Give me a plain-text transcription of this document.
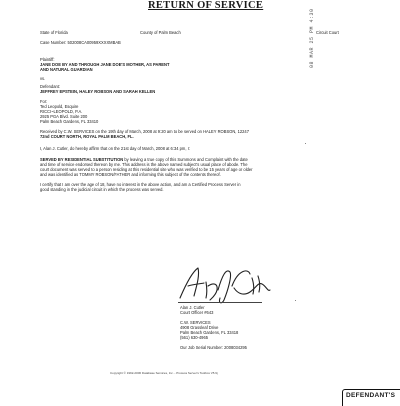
RETURN OF SERVICE
State of Florida	County of Palm Beach	Circuit Court
Case Number: 502008CA00959XXXXMBAB
Plaintiff:
JANE DOE BY AND THROUGH JANE DOE'S MOTHER, AS PARENT
AND NATURAL GUARDIAN
vs.
Defendant:
JEFFREY EPSTEIN, HALEY ROBSON AND SARAH KELLEN
For:
Ted Leopold, Esquire
RICCI~LEOPOLD, P.A.
2925 PGA Blvd. Suite 200
Palm Beach Gardens, FL 33410
08 MAR 25 PM 4:30
Received by C.W. SERVICES on the 19th day of March, 2008 at 9:20 am to be served on HALEY ROBSON, 12247
72nd COURT NORTH, ROYAL PALM BEACH, FL.
I, Alan J. Cutler, do hereby affirm that on the 21st day of March, 2008 at 6:34 pm, I:
SERVED BY RESIDENTIAL SUBSTITUTION by leaving a true copy of this Summons and Complaint with the date
and time of service endorsed thereon by me. This address is the above named subject's usual place of abode. The
court document was served to a person residing at this residential site who was verified to be 15 years of age or older
and was identified as TOMMY ROBSON/FATHER and informing this subject of the contents thereof.
I certify that I am over the age of 18, have no interest in the above action, and am a Certified Process Server in
good standing in the judicial circuit in which the process was served.
Alan J. Cutler
Court Officer #643
C.W. SERVICES
4908 Grassleaf Drive
Palm Beach Gardens, FL 33418
(561) 630-4965
Our Job Serial Number: 2008034295
Copyright © 1992-2006 Database Services, Inc. - Process Server's Toolbox V5.9j
DEFENDANT'S
